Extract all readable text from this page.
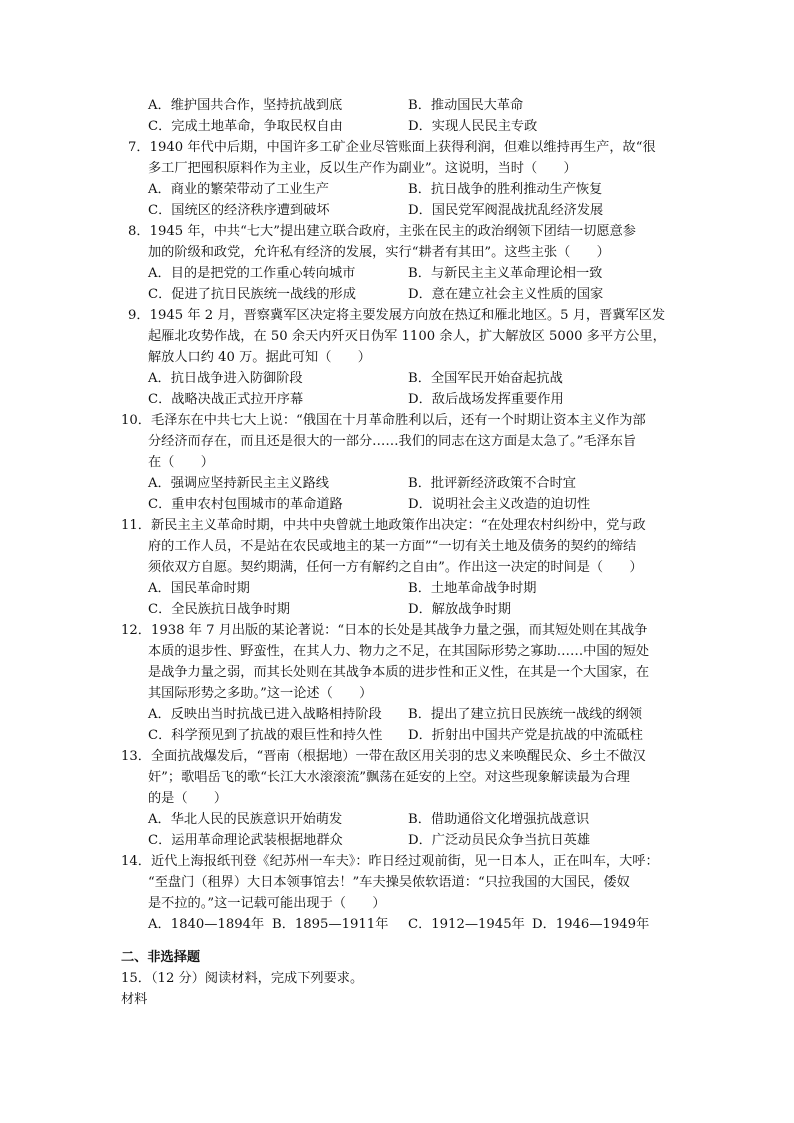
A．维护国共合作，坚持抗战到底	B．推动国民大革命
C．完成土地革命，争取民权自由	D．实现人民民主专政
7．1940 年代中后期，中国许多工矿企业尽管账面上获得利润，但难以维持再生产，故“很
多工厂把囤积原料作为主业，反以生产作为副业”。这说明，当时（　　）
A．商业的繁荣带动了工业生产	B．抗日战争的胜利推动生产恢复
C．国统区的经济秩序遭到破坏	D．国民党军阀混战扰乱经济发展
8．1945 年，中共“七大”提出建立联合政府，主张在民主的政治纲领下团结一切愿意参
加的阶级和政党，允许私有经济的发展，实行“耕者有其田”。这些主张（　　）
A．目的是把党的工作重心转向城市	B．与新民主主义革命理论相一致
C．促进了抗日民族统一战线的形成	D．意在建立社会主义性质的国家
9．1945 年 2 月，晋察冀军区决定将主要发展方向放在热辽和雁北地区。5 月，晋冀军区发
起雁北攻势作战，在 50 余天内歼灭日伪军 1100 余人，扩大解放区 5000 多平方公里，
解放人口约 40 万。据此可知（　　）
A．抗日战争进入防御阶段	B．全国军民开始奋起抗战
C．战略决战正式拉开序幕	D．敌后战场发挥重要作用
10．毛泽东在中共七大上说：“俄国在十月革命胜利以后，还有一个时期让资本主义作为部
分经济而存在，而且还是很大的一部分……我们的同志在这方面是太急了。”毛泽东旨
在（　　）
A．强调应坚持新民主主义路线	B．批评新经济政策不合时宜
C．重申农村包围城市的革命道路	D．说明社会主义改造的迫切性
11．新民主主义革命时期，中共中央曾就土地政策作出决定：“在处理农村纠纷中，党与政
府的工作人员，不是站在农民或地主的某一方面”“一切有关土地及债务的契约的缔结
须依双方自愿。契约期满，任何一方有解约之自由”。作出这一决定的时间是（　　）
A．国民革命时期	B．土地革命战争时期
C．全民族抗日战争时期	D．解放战争时期
12．1938 年 7 月出版的某论著说：“日本的长处是其战争力量之强，而其短处则在其战争
本质的退步性、野蛮性，在其人力、物力之不足，在其国际形势之寡助……中国的短处
是战争力量之弱，而其长处则在其战争本质的进步性和正义性，在其是一个大国家，在
其国际形势之多助。”这一论述（　　）
A．反映出当时抗战已进入战略相持阶段 B．提出了建立抗日民族统一战线的纲领
C．科学预见到了抗战的艰巨性和持久性 D．折射出中国共产党是抗战的中流砥柱
13．全面抗战爆发后，“晋南（根据地）一带在敌区用关羽的忠义来唤醒民众、乡土不做汉
奸”；歌唱岳飞的歌“长江大水滚滚流”飘荡在延安的上空。对这些现象解读最为合理
的是（　　）
A．华北人民的民族意识开始萌发	B．借助通俗文化增强抗战意识
C．运用革命理论武装根据地群众	D．广泛动员民众争当抗日英雄
14．近代上海报纸刊登《纪苏州一车夫》：昨日经过观前街，见一日本人，正在叫车，大呼：
“至盘门（租界）大日本领事馆去！”车夫操吴侬软语道：“只拉我国的大国民，倭奴
是不拉的。”这一记载可能出现于（　　）
A．1840—1894年 B．1895—1911年 C．1912—1945年 D．1946—1949年
二、非选择题
15．（12 分）阅读材料，完成下列要求。
材料
